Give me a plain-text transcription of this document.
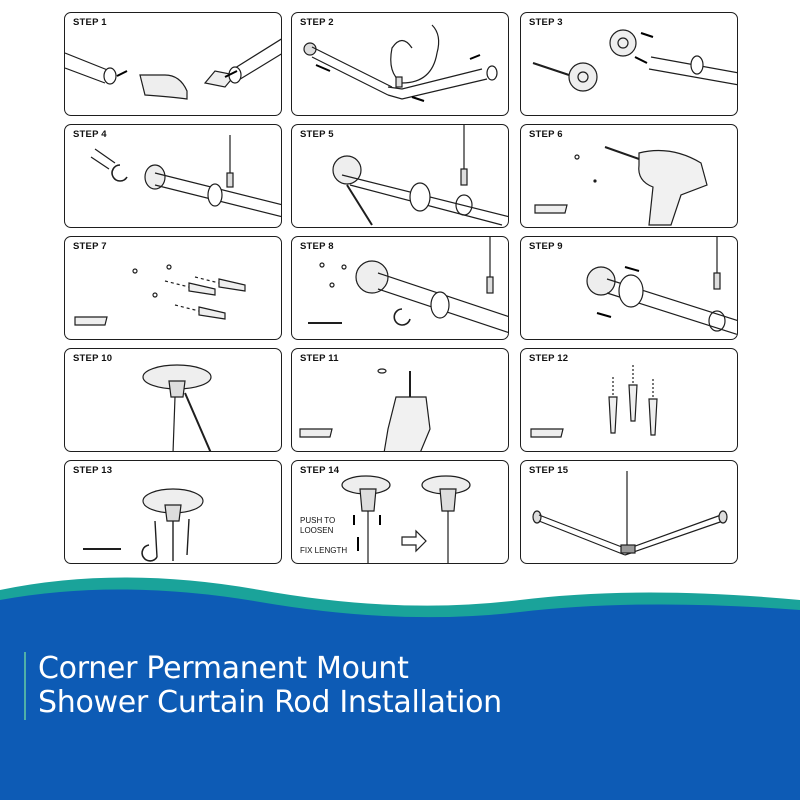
STEP 1	STEP 2	STEP 3
STEP 4	STEP 5	STEP 6
STEP 7	STEP 8	STEP 9
STEP 10	STEP 11	STEP 12
STEP 13	STEP 14
PUSH TO
LOOSEN
FIX LENGTH
STEP 15
Corner Permanent Mount
Shower Curtain Rod Installation
